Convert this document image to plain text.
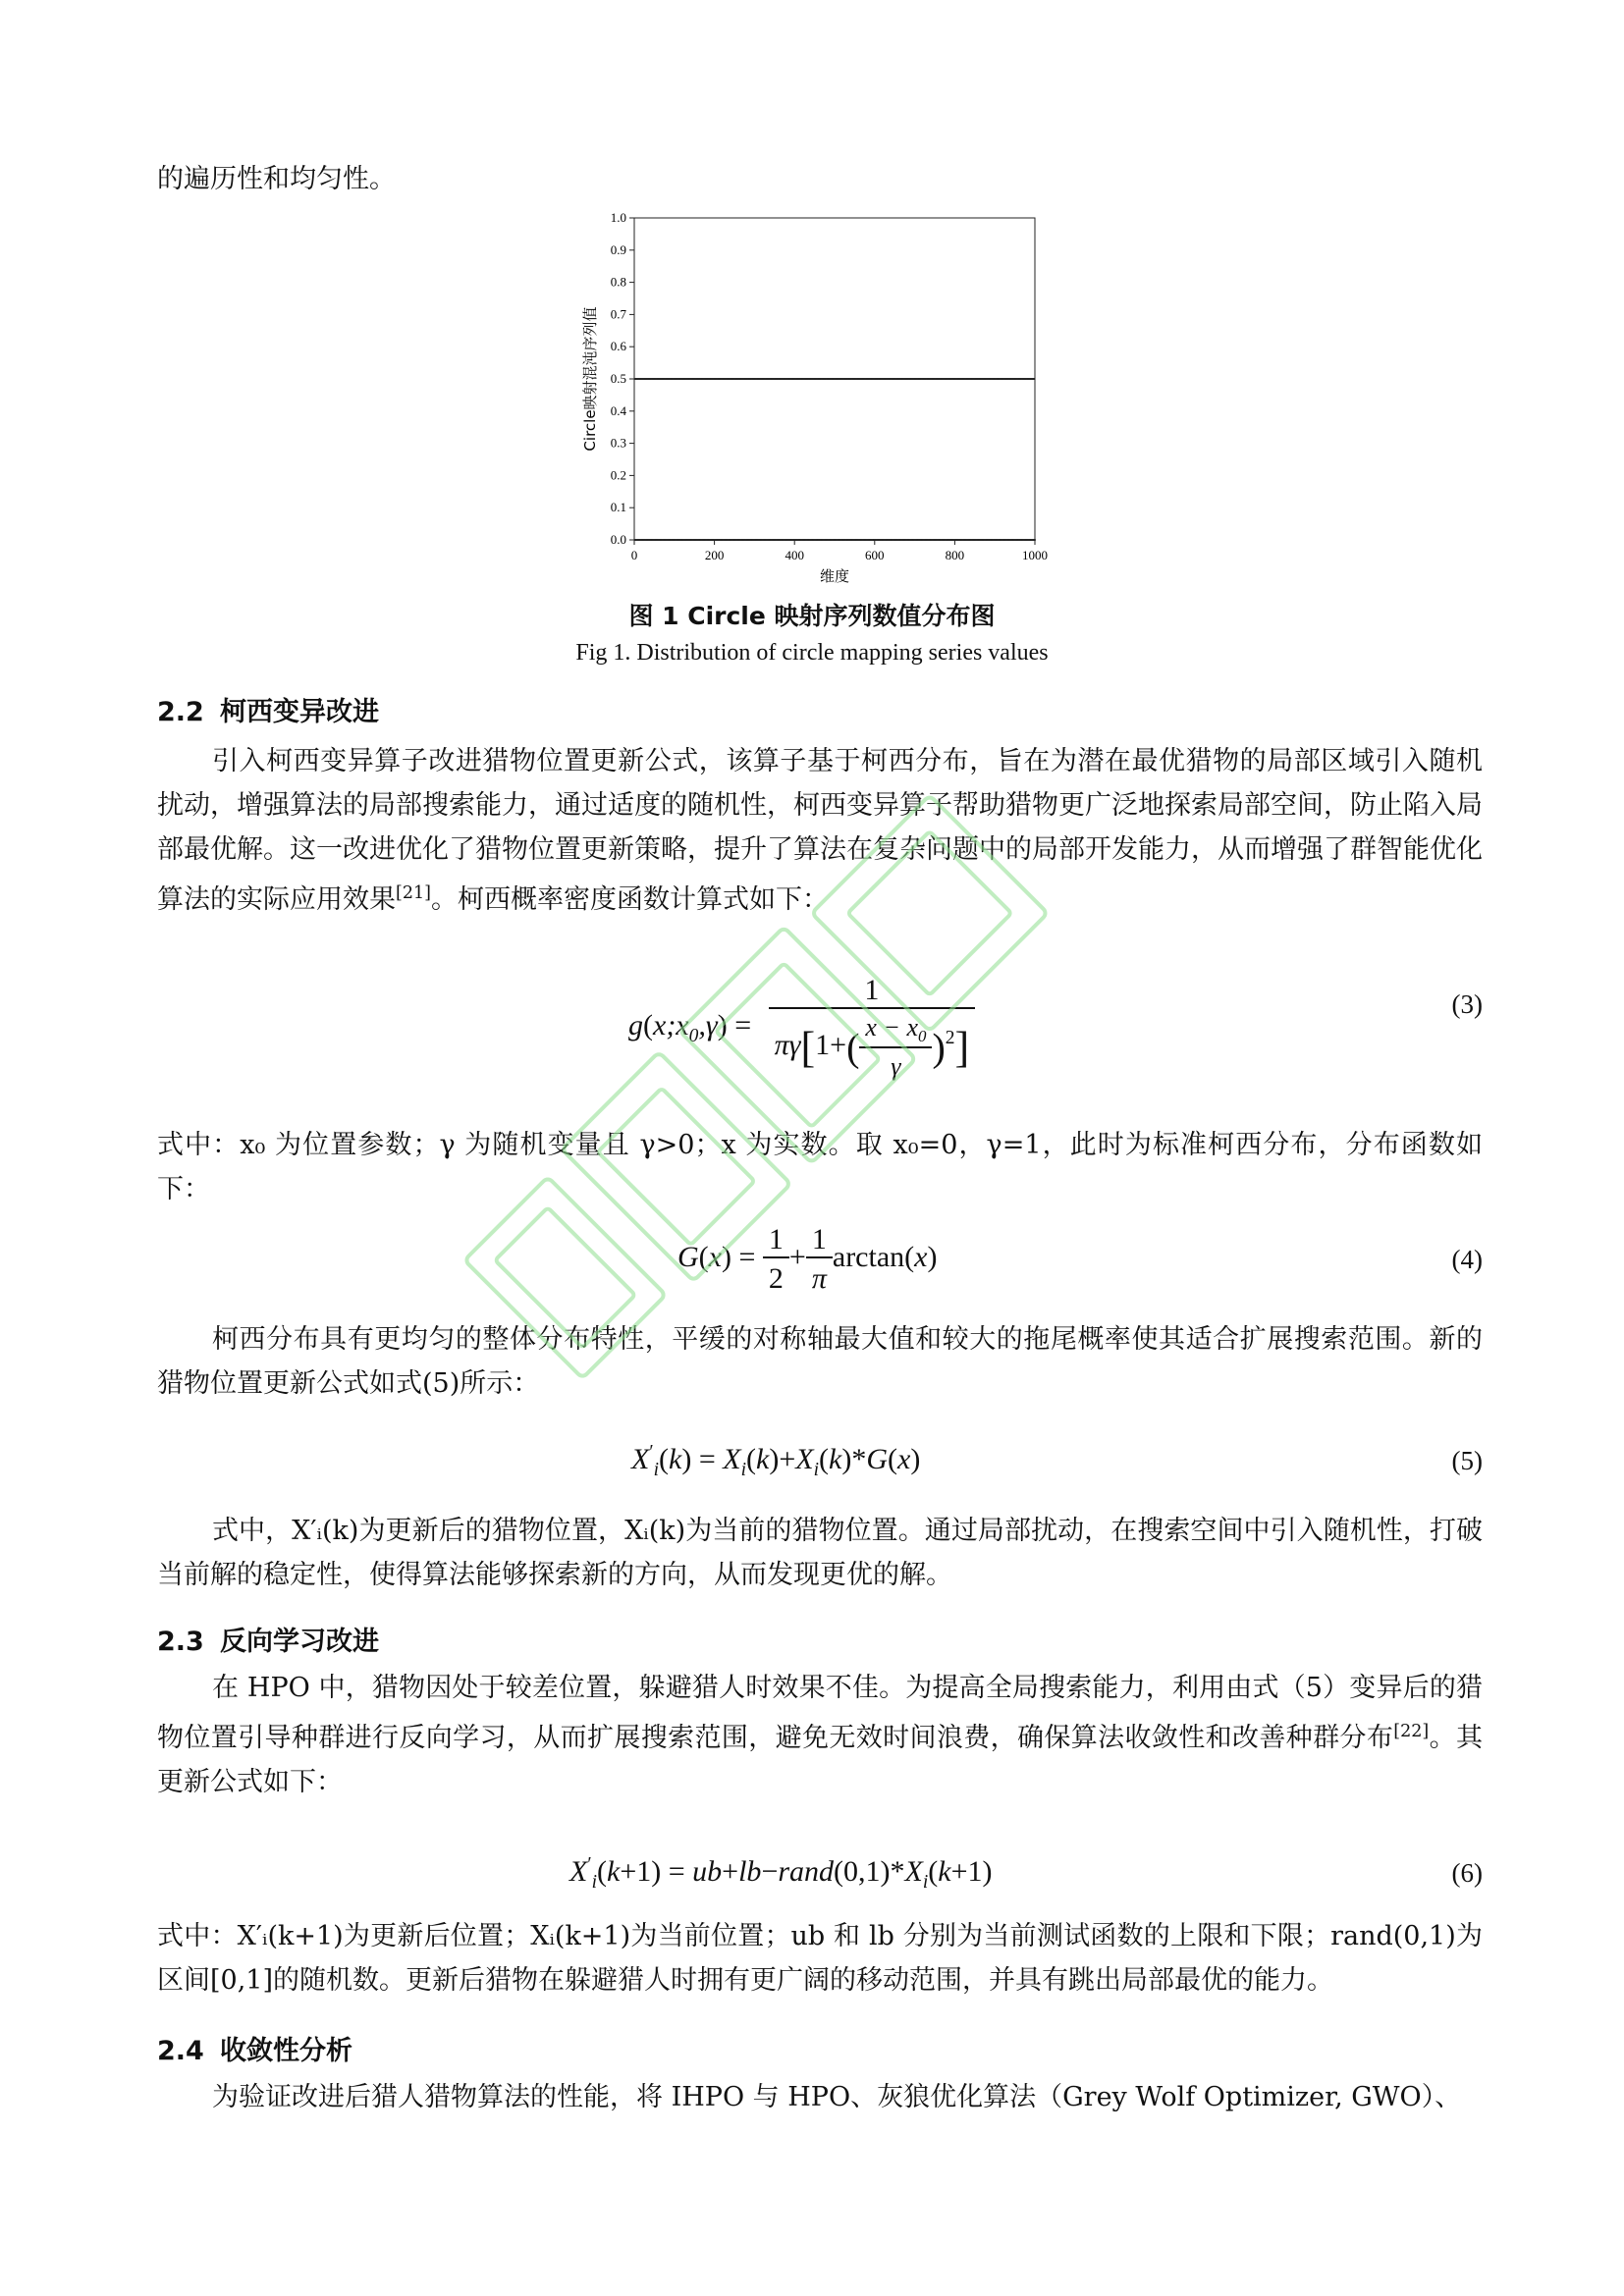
的遍历性和均匀性。

0	200	400	600	800	1000
0.0
0.1
0.2
0.3
0.4
0.5
0.6
0.7
0.8
0.9
1.0
维度
Circle映射混沌序列值

图 1 Circle 映射序列数值分布图

Fig 1. Distribution of circle mapping series values

2.2 柯西变异改进

引入柯西变异算子改进猎物位置更新公式，该算子基于柯西分布，旨在为潜在最优猎物的局部区域引入随机扰动，增强算法的局部搜索能力，通过适度的随机性，柯西变异算子帮助猎物更广泛地探索局部空间，防止陷入局部最优解。这一改进优化了猎物位置更新策略，提升了算法在复杂问题中的局部开发能力，从而增强了群智能优化算法的实际应用效果[21]。柯西概率密度函数计算式如下：

$g(x;x_0,\gamma) = \frac{1}{\pi\gamma[1+( \frac{x - x_0}{\gamma} )^2]}$	(3)

式中：x₀ 为位置参数；γ 为随机变量且 γ>0；x 为实数。取 x₀=0，γ=1，此时为标准柯西分布，分布函数如下：

$G(x) = \frac{1}{2} + \frac{1}{\pi} \arctan(x)$	(4)

柯西分布具有更均匀的整体分布特性，平缓的对称轴最大值和较大的拖尾概率使其适合扩展搜索范围。新的猎物位置更新公式如式(5)所示：

$X'_i(k) = X_i(k)+X_i(k)*G(x)$	(5)

式中，X′ᵢ(k)为更新后的猎物位置，Xᵢ(k)为当前的猎物位置。通过局部扰动，在搜索空间中引入随机性，打破当前解的稳定性，使得算法能够探索新的方向，从而发现更优的解。

2.3 反向学习改进

在 HPO 中，猎物因处于较差位置，躲避猎人时效果不佳。为提高全局搜索能力，利用由式（5）变异后的猎物位置引导种群进行反向学习，从而扩展搜索范围，避免无效时间浪费，确保算法收敛性和改善种群分布[22]。其更新公式如下：

$X'_i(k+1)$ = $ub+lb-rand(0,1)*X_i(k+1)$	(6)

式中：X′ᵢ(k+1)为更新后位置；Xᵢ(k+1)为当前位置；ub 和 lb 分别为当前测试函数的上限和下限；rand(0,1)为区间[0,1]的随机数。更新后猎物在躲避猎人时拥有更广阔的移动范围，并具有跳出局部最优的能力。

2.4 收敛性分析

为验证改进后猎人猎物算法的性能，将 IHPO 与 HPO、灰狼优化算法（Grey Wolf Optimizer, GWO）、
